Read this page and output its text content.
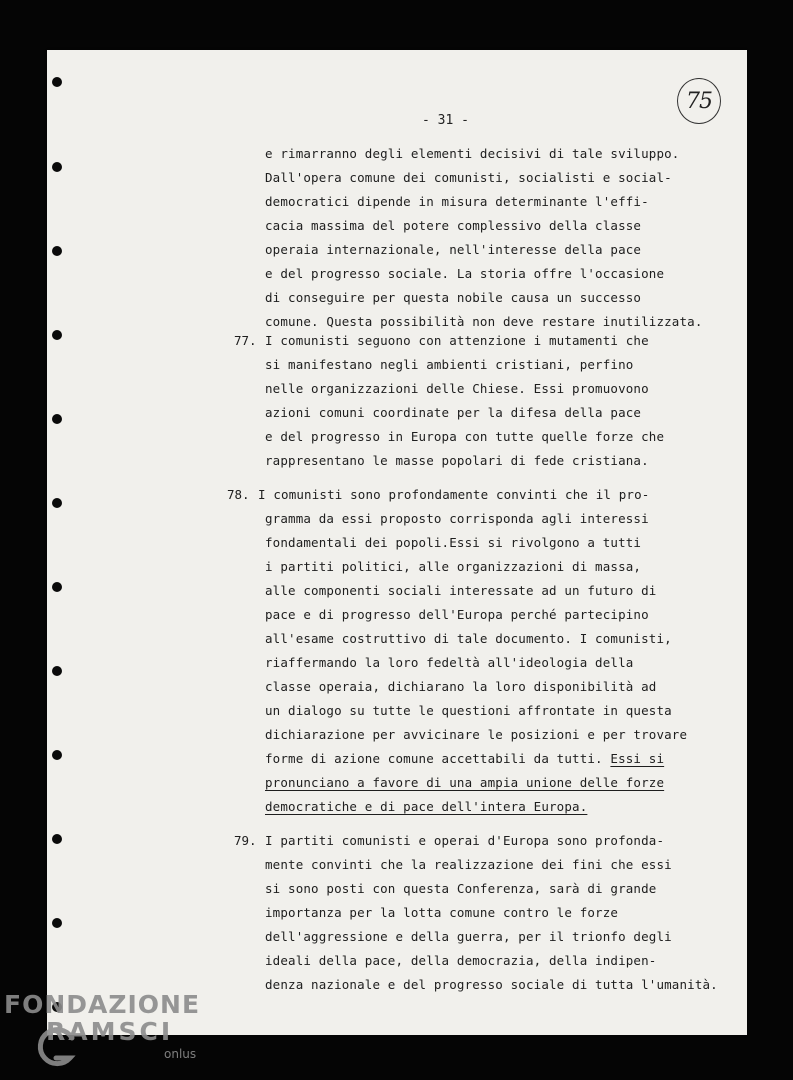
75
- 31 -
e rimarranno degli elementi decisivi di tale sviluppo.
Dall'opera comune dei comunisti, socialisti e social-
democratici dipende in misura determinante l'effi-
cacia massima del potere complessivo della classe
operaia internazionale, nell'interesse della pace
e del progresso sociale. La storia offre l'occasione
di conseguire per questa nobile causa un successo
comune. Questa possibilità non deve restare inutilizzata.
I comunisti seguono con attenzione i mutamenti che
si manifestano negli ambienti cristiani, perfino
nelle organizzazioni delle Chiese. Essi promuovono
azioni comuni coordinate per la difesa della pace
e del progresso in Europa con tutte quelle forze che
rappresentano le masse popolari di fede cristiana.
I comunisti sono profondamente convinti che il pro-
gramma da essi proposto corrisponda agli interessi
fondamentali dei popoli.Essi si rivolgono a tutti
i partiti politici, alle organizzazioni di massa,
alle componenti sociali interessate ad un futuro di
pace e di progresso dell'Europa perché partecipino
all'esame costruttivo di tale documento. I comunisti,
riaffermando la loro fedeltà all'ideologia della
classe operaia, dichiarano la loro disponibilità ad
un dialogo su tutte le questioni affrontate in questa
dichiarazione per avvicinare le posizioni e per trovare
forme di azione comune accettabili da tutti. Essi si
pronunciano a favore di una ampia unione delle forze
democratiche e di pace dell'intera Europa.
I partiti comunisti e operai d'Europa sono profonda-
mente convinti che la realizzazione dei fini che essi
si sono posti con questa Conferenza, sarà di grande
importanza per la lotta comune contro le forze
dell'aggressione e della guerra, per il trionfo degli
ideali della pace, della democrazia, della indipen-
denza nazionale e del progresso sociale di tutta l'umanità.
77.
78.
79.
FONDAZIONE
RAMSCI
onlus
